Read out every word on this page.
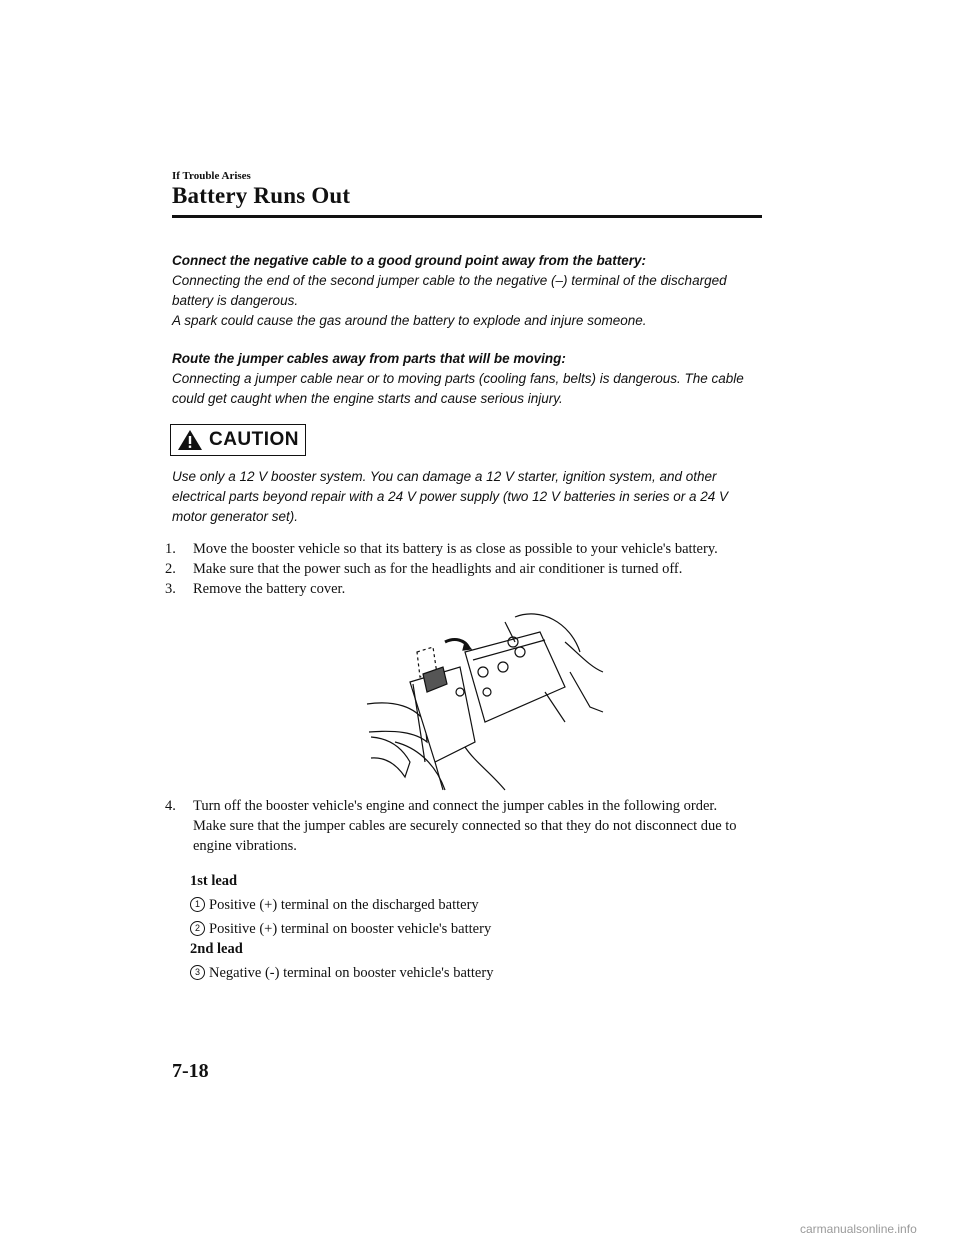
If Trouble Arises
Battery Runs Out

Connect the negative cable to a good ground point away from the battery:

Connecting the end of the second jumper cable to the negative (–) terminal of the discharged battery is dangerous.

A spark could cause the gas around the battery to explode and injure someone.

Route the jumper cables away from parts that will be moving:

Connecting a jumper cable near or to moving parts (cooling fans, belts) is dangerous. The cable could get caught when the engine starts and cause serious injury.

CAUTION

Use only a 12 V booster system. You can damage a 12 V starter, ignition system, and other electrical parts beyond repair with a 24 V power supply (two 12 V batteries in series or a 24 V motor generator set).

1.	Move the booster vehicle so that its battery is as close as possible to your vehicle's battery.
2.	Make sure that the power such as for the headlights and air conditioner is turned off.
3.	Remove the battery cover.
4.	Turn off the booster vehicle's engine and connect the jumper cables in the following order.
Make sure that the jumper cables are securely connected so that they do not disconnect due to engine vibrations.
1st lead
1 Positive (+) terminal on the discharged battery
2 Positive (+) terminal on booster vehicle's battery
2nd lead
3 Negative (-) terminal on booster vehicle's battery
7-18
carmanualsonline.info
